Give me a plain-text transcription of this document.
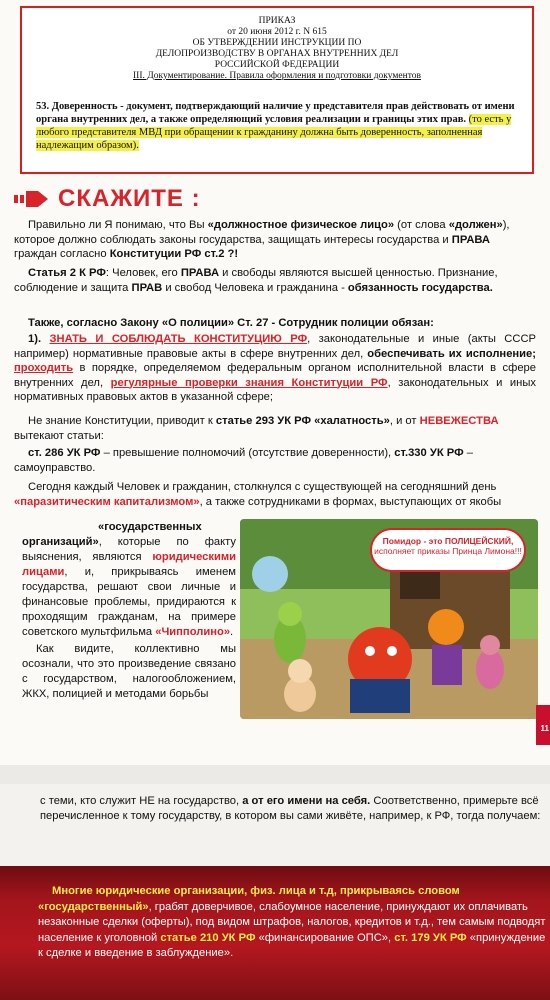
ПРИКАЗ
от 20 июня 2012 г. N 615
ОБ УТВЕРЖДЕНИИ ИНСТРУКЦИИ ПО
ДЕЛОПРОИЗВОДСТВУ В ОРГАНАХ ВНУТРЕННИХ ДЕЛ
РОССИЙСКОЙ ФЕДЕРАЦИИ
III. Документирование. Правила оформления и подготовки документов
53. Доверенность - документ, подтверждающий наличие у представителя прав действовать от имени органа внутренних дел, а также определяющий условия реализации и границы этих прав. (то есть у любого представителя МВД при обращении к гражданину должна быть доверенность, заполненная надлежащим образом).
СКАЖИТЕ :
Правильно ли Я понимаю, что Вы «должностное физическое лицо» (от слова «должен»), которое должно соблюдать законы государства, защищать интересы государства и ПРАВА граждан согласно Конституции РФ ст.2 ?!
Статья 2 К РФ: Человек, его ПРАВА и свободы являются высшей ценностью. Признание, соблюдение и защита ПРАВ и свобод Человека и гражданина - обязанность государства.
Также, согласно Закону «О полиции» Ст. 27 - Сотрудник полиции обязан:
1). ЗНАТЬ И СОБЛЮДАТЬ КОНСТИТУЦИЮ РФ, законодательные и иные (акты СССР например) нормативные правовые акты в сфере внутренних дел, обеспечивать их исполнение; проходить в порядке, определяемом федеральным органом исполнительной власти в сфере внутренних дел, регулярные проверки знания Конституции РФ, законодательных и иных нормативных правовых актов в указанной сфере;
Не знание Конституции, приводит к статье 293 УК РФ «халатность», и от НЕВЕЖЕСТВА вытекают статьи:
ст. 286 УК РФ – превышение полномочий (отсутствие доверенности), ст.330 УК РФ – самоуправство.
Сегодня каждый Человек и гражданин, столкнулся с существующей на сегодняшний день «паразитическим капитализмом», а также сотрудниками в формах, выступающих от якобы
«государственных организаций», которые по факту выяснения, являются юридическими лицами, и, прикрываясь именем государства, решают свои личные и финансовые проблемы, придираются к проходящим гражданам, на примере советского мультфильма «Чипполино».
Как видите, коллективно мы осознали, что это произведение связано с государством, налогообложением, ЖКХ, полицией и методами борьбы
Помидор - это ПОЛИЦЕЙСКИЙ,
исполняет приказы Принца Лимона!!!
11
с теми, кто служит НЕ на государство, а от его имени на себя. Соответственно, примерьте всё перечисленное к тому государству, в котором вы сами живёте, например, к РФ, тогда получаем:
Многие юридические организации, физ. лица и т.д, прикрываясь словом «государственный», грабят доверчивое, слабоумное население, принуждают их оплачивать незаконные сделки (оферты), под видом штрафов, налогов, кредитов и т.д., тем самым подводят население к уголовной статье 210 УК РФ «финансирование ОПС», ст. 179 УК РФ «принуждение к сделке и введение в заблуждение».
